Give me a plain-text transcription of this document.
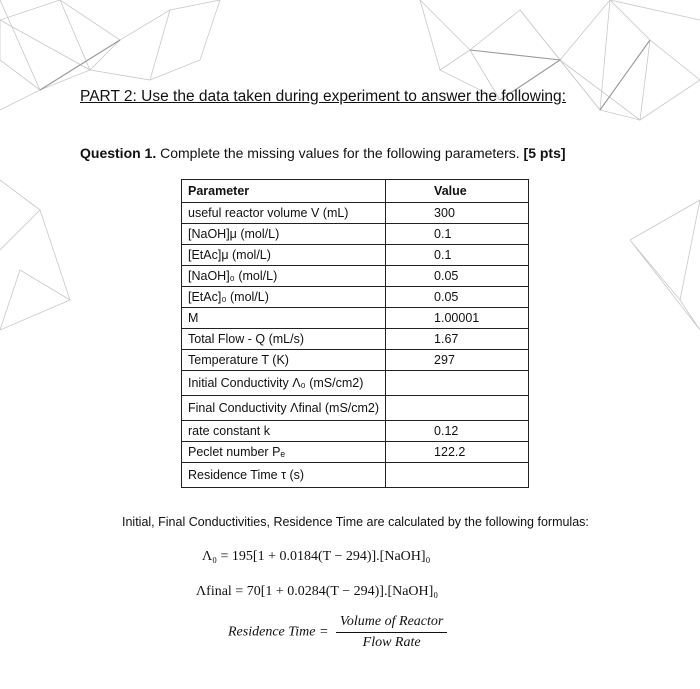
PART 2: Use the data taken during experiment to answer the following:
Question 1. Complete the missing values for the following parameters. [5 pts]
Parameter	Value
useful reactor volume V (mL)	300
[NaOH]μ (mol/L)	0.1
[EtAc]μ (mol/L)	0.1
[NaOH]₀ (mol/L)	0.05
[EtAc]₀ (mol/L)	0.05
M	1.00001
Total Flow - Q (mL/s)	1.67
Temperature T (K)	297
Initial Conductivity Λ₀ (mS/cm2)	
Final Conductivity Λfinal (mS/cm2)	
rate constant k	0.12
Peclet number Pₑ	122.2
Residence Time τ (s)	
Initial, Final Conductivities, Residence Time are calculated by the following formulas:
Λ₀ = 195[1 + 0.0184(T − 294)].[NaOH]₀
Λfinal = 70[1 + 0.0284(T − 294)].[NaOH]₀
Residence Time = $\frac{\text{Volume of Reactor}}{\text{Flow Rate}}$
